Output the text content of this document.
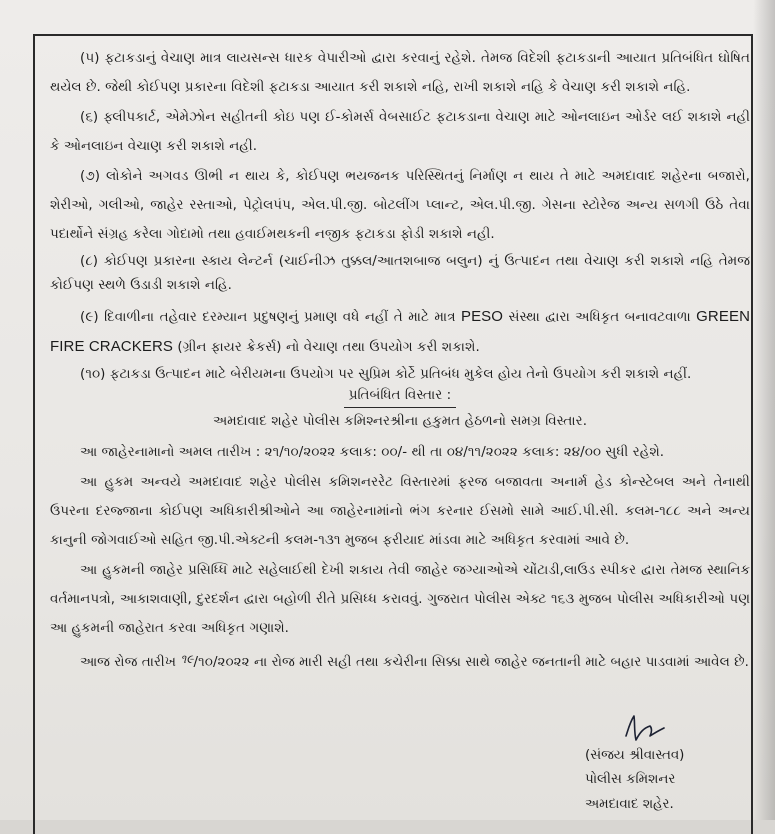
(૫) ફટાકડાનું વેચાણ માત્ર લાયસન્સ ધારક વેપારીઓ દ્વારા કરવાનું રહેશે. તેમજ વિદેશી ફટાકડાની આયાત પ્રતિબંધિત ઘોષિત થયેલ છે. જેથી કોઈપણ પ્રકારના વિદેશી ફટાકડા આયાત કરી શકાશે નહિ, રાખી શકાશે નહિ કે વેચાણ કરી શકાશે નહિ.

(૬) ફ્લીપકાર્ટ, એમેઝોન સહીતની કોઇ પણ ઈ-કોમર્સ વેબસાઈટ ફટાકડાના વેચાણ માટે ઓનલાઇન ઓર્ડર લઈ શકાશે નહી કે ઓનલાઇન વેચાણ કરી શકાશે નહી.

(૭) લોકોને અગવડ ઊભી ન થાય કે, કોઈપણ ભયજનક પરિસ્થિતનું નિર્માણ ન થાય તે માટે અમદાવાદ શહેરના બજારો, શેરીઓ, ગલીઓ, જાહેર રસ્તાઓ, પેટ્રોલપંપ, એલ.પી.જી. બોટલીંગ પ્લાન્ટ, એલ.પી.જી. ગેસના સ્ટોરેજ અન્ય સળગી ઉઠે તેવા પદાર્થોને સંગ્રહ કરેલા ગોદામો તથા હવાઈમથકની નજીક ફટાકડા ફોડી શકાશે નહી.

(૮) કોઈપણ પ્રકારના સ્કાય લેન્ટર્ન (ચાઈનીઝ તુક્કલ/આતશબાજ બલુન) નું ઉત્પાદન તથા વેચાણ કરી શકાશે નહિ તેમજ કોઈપણ સ્થળે ઉડાડી શકાશે નહિ.

(૯) દિવાળીના તહેવાર દરમ્યાન પ્રદુષણનું પ્રમાણ વધે નહીં તે માટે માત્ર PESO સંસ્થા દ્વારા અધિકૃત બનાવટવાળા GREEN FIRE CRACKERS (ગ્રીન ફાયર ક્રેકર્સ) નો વેચાણ તથા ઉપયોગ કરી શકાશે.

(૧૦) ફટાકડા ઉત્પાદન માટે બેરીયમના ઉપયોગ પર સુપ્રિમ કોર્ટે પ્રતિબંધ મુકેલ હોય તેનો ઉપયોગ કરી શકાશે નહીં.

પ્રતિબંધિત વિસ્તાર :

અમદાવાદ શહેર પોલીસ કમિશ્નરશ્રીના હકુમત હેઠળનો સમગ્ર વિસ્તાર.

આ જાહેરનામાનો અમલ તારીખ : ૨૧/૧૦/૨૦૨૨ કલાક: ૦૦/- થી તા ૦૪/૧૧/૨૦૨૨ કલાક: ૨૪/૦૦ સુધી રહેશે.

આ હુકમ અન્વયે અમદાવાદ શહેર પોલીસ કમિશનરરેટ વિસ્તારમાં ફરજ બજાવતા અનાર્મ હેડ કોન્સ્ટેબલ અને તેનાથી ઉપરના દરજ્જાના કોઈપણ અધિકારીશ્રીઓને આ જાહેરનામાંનો ભંગ કરનાર ઈસમો સામે આઈ.પી.સી. કલમ-૧૮૮ અને અન્ય કાનુની જોગવાઈઓ સહિત જી.પી.એક્ટની કલમ-૧૩૧ મુજબ ફરીયાદ માંડવા માટે અધિકૃત કરવામાં આવે છે.

આ હુકમની જાહેર પ્રસિધ્ધિ માટે સહેલાઈથી દેખી શકાય તેવી જાહેર જગ્યાઓએ ચોંટાડી,લાઉડ સ્પીકર દ્વારા તેમજ સ્થાનિક વર્તમાનપત્રો, આકાશવાણી, દુરદર્શન દ્વારા બહોળી રીતે પ્રસિધ્ધ કરાવવું. ગુજરાત પોલીસ એક્ટ ૧૬૩ મુજબ પોલીસ અધિકારીઓ પણ આ હુકમની જાહેરાત કરવા અધિકૃત ગણાશે.

આજ રોજ તારીખ ૧૯/૧૦/૨૦૨૨ ના રોજ મારી સહી તથા કચેરીના સિક્કા સાથે જાહેર જનતાની માટે બહાર પાડવામાં આવેલ છે.

(સંજય શ્રીવાસ્તવ)
પોલીસ કમિશનર
અમદાવાદ શહેર.
